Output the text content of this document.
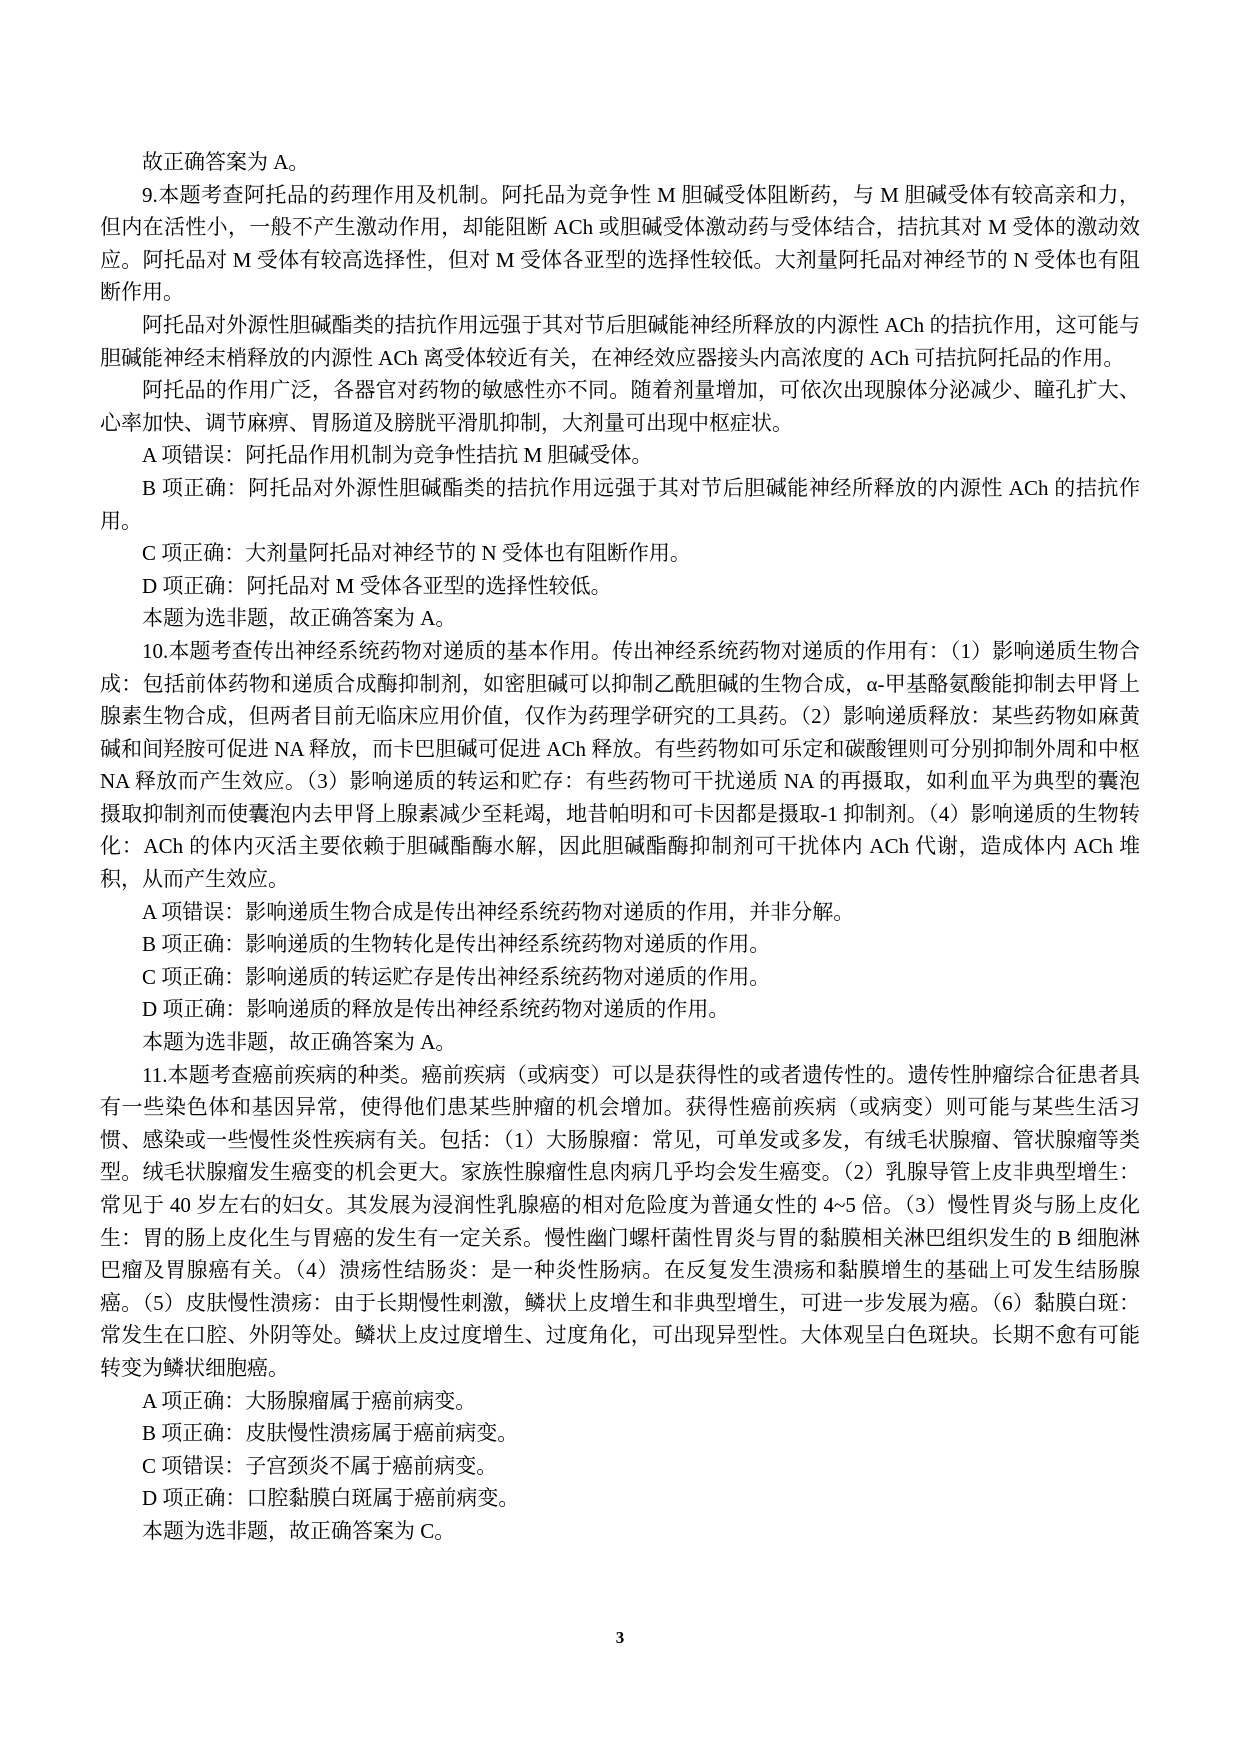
故正确答案为 A。

9.本题考查阿托品的药理作用及机制。阿托品为竞争性 M 胆碱受体阻断药，与 M 胆碱受体有较高亲和力，但内在活性小，一般不产生激动作用，却能阻断 ACh 或胆碱受体激动药与受体结合，拮抗其对 M 受体的激动效应。阿托品对 M 受体有较高选择性，但对 M 受体各亚型的选择性较低。大剂量阿托品对神经节的 N 受体也有阻断作用。

阿托品对外源性胆碱酯类的拮抗作用远强于其对节后胆碱能神经所释放的内源性 ACh 的拮抗作用，这可能与胆碱能神经末梢释放的内源性 ACh 离受体较近有关，在神经效应器接头内高浓度的 ACh 可拮抗阿托品的作用。

阿托品的作用广泛，各器官对药物的敏感性亦不同。随着剂量增加，可依次出现腺体分泌减少、瞳孔扩大、心率加快、调节麻痹、胃肠道及膀胱平滑肌抑制，大剂量可出现中枢症状。

A 项错误：阿托品作用机制为竞争性拮抗 M 胆碱受体。

B 项正确：阿托品对外源性胆碱酯类的拮抗作用远强于其对节后胆碱能神经所释放的内源性 ACh 的拮抗作用。

C 项正确：大剂量阿托品对神经节的 N 受体也有阻断作用。

D 项正确：阿托品对 M 受体各亚型的选择性较低。

本题为选非题，故正确答案为 A。

10.本题考查传出神经系统药物对递质的基本作用。传出神经系统药物对递质的作用有：（1）影响递质生物合成：包括前体药物和递质合成酶抑制剂，如密胆碱可以抑制乙酰胆碱的生物合成，α-甲基酪氨酸能抑制去甲肾上腺素生物合成，但两者目前无临床应用价值，仅作为药理学研究的工具药。（2）影响递质释放：某些药物如麻黄碱和间羟胺可促进 NA 释放，而卡巴胆碱可促进 ACh 释放。有些药物如可乐定和碳酸锂则可分别抑制外周和中枢 NA 释放而产生效应。（3）影响递质的转运和贮存：有些药物可干扰递质 NA 的再摄取，如利血平为典型的囊泡摄取抑制剂而使囊泡内去甲肾上腺素减少至耗竭，地昔帕明和可卡因都是摄取-1 抑制剂。（4）影响递质的生物转化：ACh 的体内灭活主要依赖于胆碱酯酶水解，因此胆碱酯酶抑制剂可干扰体内 ACh 代谢，造成体内 ACh 堆积，从而产生效应。

A 项错误：影响递质生物合成是传出神经系统药物对递质的作用，并非分解。

B 项正确：影响递质的生物转化是传出神经系统药物对递质的作用。

C 项正确：影响递质的转运贮存是传出神经系统药物对递质的作用。

D 项正确：影响递质的释放是传出神经系统药物对递质的作用。

本题为选非题，故正确答案为 A。

11.本题考查癌前疾病的种类。癌前疾病（或病变）可以是获得性的或者遗传性的。遗传性肿瘤综合征患者具有一些染色体和基因异常，使得他们患某些肿瘤的机会增加。获得性癌前疾病（或病变）则可能与某些生活习惯、感染或一些慢性炎性疾病有关。包括：（1）大肠腺瘤：常见，可单发或多发，有绒毛状腺瘤、管状腺瘤等类型。绒毛状腺瘤发生癌变的机会更大。家族性腺瘤性息肉病几乎均会发生癌变。（2）乳腺导管上皮非典型增生：常见于 40 岁左右的妇女。其发展为浸润性乳腺癌的相对危险度为普通女性的 4~5 倍。（3）慢性胃炎与肠上皮化生：胃的肠上皮化生与胃癌的发生有一定关系。慢性幽门螺杆菌性胃炎与胃的黏膜相关淋巴组织发生的 B 细胞淋巴瘤及胃腺癌有关。（4）溃疡性结肠炎：是一种炎性肠病。在反复发生溃疡和黏膜增生的基础上可发生结肠腺癌。（5）皮肤慢性溃疡：由于长期慢性刺激，鳞状上皮增生和非典型增生，可进一步发展为癌。（6）黏膜白斑：常发生在口腔、外阴等处。鳞状上皮过度增生、过度角化，可出现异型性。大体观呈白色斑块。长期不愈有可能转变为鳞状细胞癌。

A 项正确：大肠腺瘤属于癌前病变。

B 项正确：皮肤慢性溃疡属于癌前病变。

C 项错误：子宫颈炎不属于癌前病变。

D 项正确：口腔黏膜白斑属于癌前病变。

本题为选非题，故正确答案为 C。

3
